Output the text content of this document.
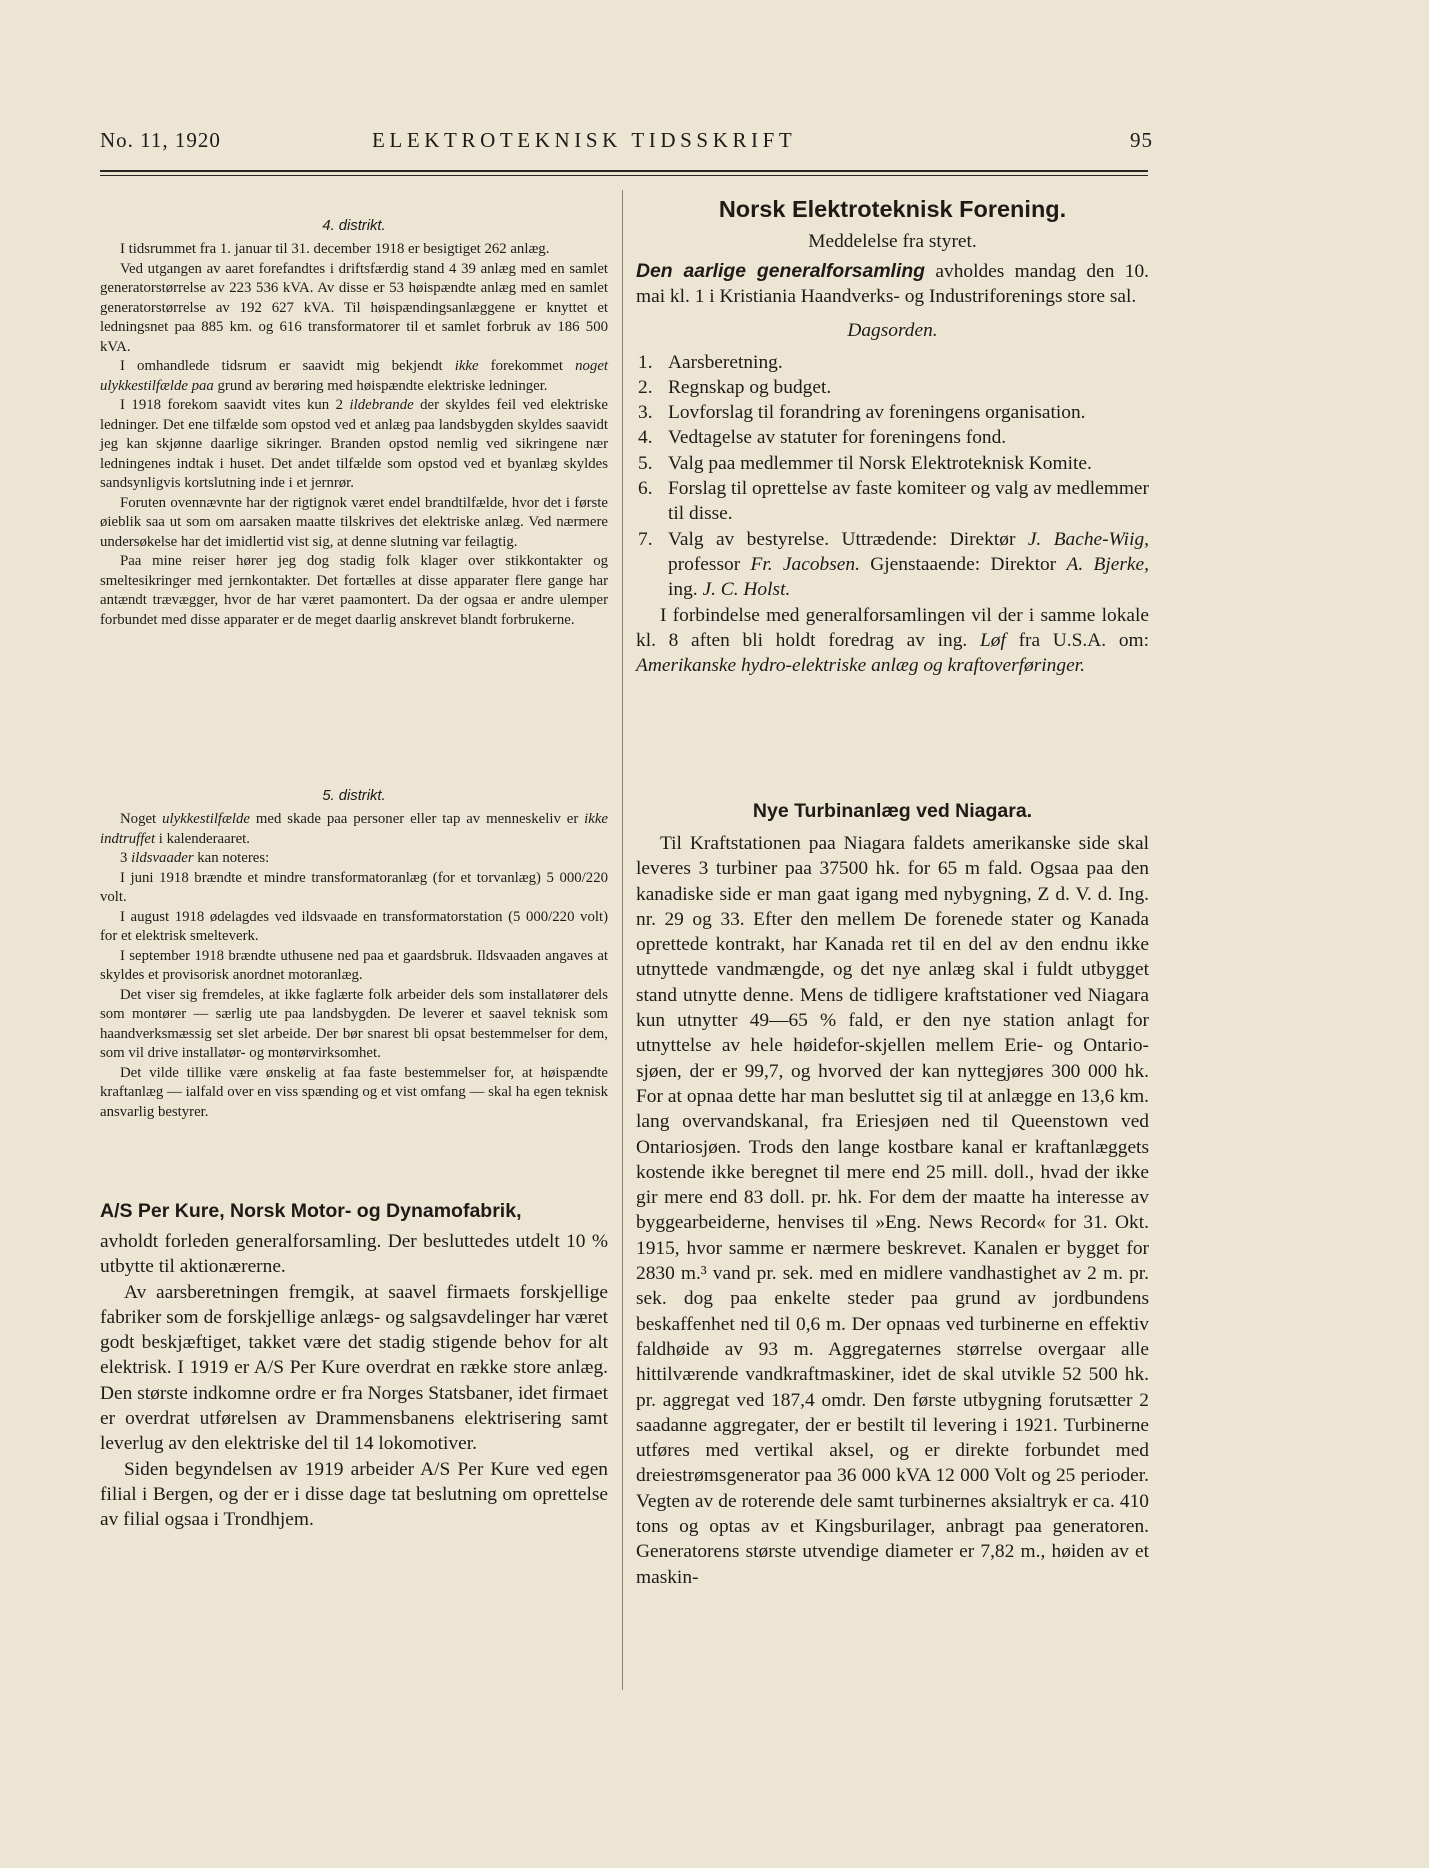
No. 11, 1920	ELEKTROTEKNISK TIDSSKRIFT	95
4. distrikt.

I tidsrummet fra 1. januar til 31. december 1918 er besigtiget 262 anlæg.

Ved utgangen av aaret forefandtes i driftsfærdig stand 4 39 anlæg med en samlet generatorstørrelse av 223 536 kVA. Av disse er 53 høispændte anlæg med en samlet generatorstørrelse av 192 627 kVA. Til høispændingsanlæggene er knyttet et ledningsnet paa 885 km. og 616 transformatorer til et samlet forbruk av 186 500 kVA.

I omhandlede tidsrum er saavidt mig bekjendt ikke forekommet noget ulykkestilfælde paa grund av berøring med høispændte elektriske ledninger.

I 1918 forekom saavidt vites kun 2 ildebrande der skyldes feil ved elektriske ledninger. Det ene tilfælde som opstod ved et anlæg paa landsbygden skyldes saavidt jeg kan skjønne daarlige sikringer. Branden opstod nemlig ved sikringene nær ledningenes indtak i huset. Det andet tilfælde som opstod ved et byanlæg skyldes sandsynligvis kortslutning inde i et jernrør.

Foruten ovennævnte har der rigtignok været endel brandtilfælde, hvor det i første øieblik saa ut som om aarsaken maatte tilskrives det elektriske anlæg. Ved nærmere undersøkelse har det imidlertid vist sig, at denne slutning var feilagtig.

Paa mine reiser hører jeg dog stadig folk klager over stikkontakter og smeltesikringer med jernkontakter. Det fortælles at disse apparater flere gange har antændt trævægger, hvor de har været paamontert. Da der ogsaa er andre ulemper forbundet med disse apparater er de meget daarlig anskrevet blandt forbrukerne.

5. distrikt.

Noget ulykkestilfælde med skade paa personer eller tap av menneskeliv er ikke indtruffet i kalenderaaret.

3 ildsvaader kan noteres:

I juni 1918 brændte et mindre transformatoranlæg (for et torvanlæg) 5 000/220 volt.

I august 1918 ødelagdes ved ildsvaade en transformatorstation (5 000/220 volt) for et elektrisk smelteverk.

I september 1918 brændte uthusene ned paa et gaardsbruk. Ildsvaaden angaves at skyldes et provisorisk anordnet motoranlæg.

Det viser sig fremdeles, at ikke faglærte folk arbeider dels som installatører dels som montører — særlig ute paa landsbygden. De leverer et saavel teknisk som haandverksmæssig set slet arbeide. Der bør snarest bli opsat bestemmelser for dem, som vil drive installatør- og montørvirksomhet.

Det vilde tillike være ønskelig at faa faste bestemmelser for, at høispændte kraftanlæg — ialfald over en viss spænding og et vist omfang — skal ha egen teknisk ansvarlig bestyrer.

A/S Per Kure, Norsk Motor- og Dynamofabrik,

avholdt forleden generalforsamling. Der besluttedes utdelt 10 % utbytte til aktionærerne.

Av aarsberetningen fremgik, at saavel firmaets forskjellige fabriker som de forskjellige anlægs- og salgsavdelinger har været godt beskjæftiget, takket være det stadig stigende behov for alt elektrisk. I 1919 er A/S Per Kure overdrat en række store anlæg. Den største indkomne ordre er fra Norges Statsbaner, idet firmaet er overdrat utførelsen av Drammensbanens elektrisering samt leverlug av den elektriske del til 14 lokomotiver.

Siden begyndelsen av 1919 arbeider A/S Per Kure ved egen filial i Bergen, og der er i disse dage tat beslutning om oprettelse av filial ogsaa i Trondhjem.

Norsk Elektroteknisk Forening.
Meddelelse fra styret.

Den aarlige generalforsamling avholdes mandag den 10. mai kl. 1 i Kristiania Haandverks- og Industriforenings store sal.

Dagsorden.
1. Aarsberetning.
2. Regnskap og budget.
3. Lovforslag til forandring av foreningens organisation.
4. Vedtagelse av statuter for foreningens fond.
5. Valg paa medlemmer til Norsk Elektroteknisk Komite.
6. Forslag til oprettelse av faste komiteer og valg av medlemmer til disse.
7. Valg av bestyrelse. Uttrædende: Direktør J. Bache-Wiig, professor Fr. Jacobsen. Gjenstaaende: Direktor A. Bjerke, ing. J. C. Holst.

I forbindelse med generalforsamlingen vil der i samme lokale kl. 8 aften bli holdt foredrag av ing. Løf fra U.S.A. om: Amerikanske hydro-elektriske anlæg og kraftoverføringer.

Nye Turbinanlæg ved Niagara.

Til Kraftstationen paa Niagara faldets amerikanske side skal leveres 3 turbiner paa 37500 hk. for 65 m fald. Ogsaa paa den kanadiske side er man gaat igang med nybygning, Z d. V. d. Ing. nr. 29 og 33. Efter den mellem De forenede stater og Kanada oprettede kontrakt, har Kanada ret til en del av den endnu ikke utnyttede vandmængde, og det nye anlæg skal i fuldt utbygget stand utnytte denne. Mens de tidligere kraftstationer ved Niagara kun utnytter 49—65 % fald, er den nye station anlagt for utnyttelse av hele høidefor-skjellen mellem Erie- og Ontario-sjøen, der er 99,7, og hvorved der kan nyttegjøres 300 000 hk. For at opnaa dette har man besluttet sig til at anlægge en 13,6 km. lang overvandskanal, fra Eriesjøen ned til Queenstown ved Ontariosjøen. Trods den lange kostbare kanal er kraftanlæggets kostende ikke beregnet til mere end 25 mill. doll., hvad der ikke gir mere end 83 doll. pr. hk. For dem der maatte ha interesse av byggearbeiderne, henvises til »Eng. News Record« for 31. Okt. 1915, hvor samme er nærmere beskrevet. Kanalen er bygget for 2830 m.³ vand pr. sek. med en midlere vandhastighet av 2 m. pr. sek. dog paa enkelte steder paa grund av jordbundens beskaffenhet ned til 0,6 m. Der opnaas ved turbinerne en effektiv faldhøide av 93 m. Aggregaternes størrelse overgaar alle hittilværende vandkraftmaskiner, idet de skal utvikle 52 500 hk. pr. aggregat ved 187,4 omdr. Den første utbygning forutsætter 2 saadanne aggregater, der er bestilt til levering i 1921. Turbinerne utføres med vertikal aksel, og er direkte forbundet med dreiestrømsgenerator paa 36 000 kVA 12 000 Volt og 25 perioder. Vegten av de roterende dele samt turbinernes aksialtryk er ca. 410 tons og optas av et Kingsburilager, anbragt paa generatoren. Generatorens største utvendige diameter er 7,82 m., høiden av et maskin-
